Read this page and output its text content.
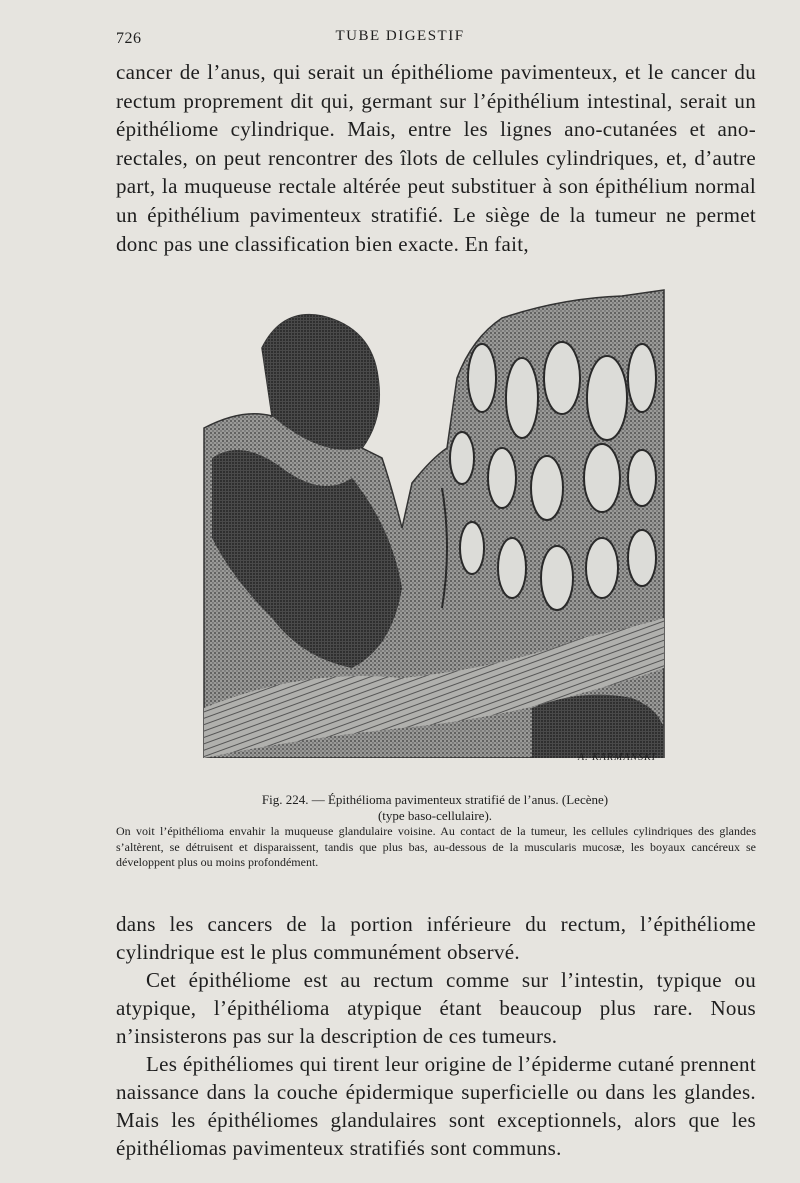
726	TUBE DIGESTIF

cancer de l’anus, qui serait un épithéliome pavimenteux, et le cancer du rectum proprement dit qui, germant sur l’épithélium intestinal, serait un épithéliome cylindrique. Mais, entre les lignes ano-cutanées et ano-rectales, on peut rencontrer des îlots de cellules cylindriques, et, d’autre part, la muqueuse rectale altérée peut substituer à son épithélium normal un épithélium pavimenteux stratifié. Le siège de la tumeur ne permet donc pas une classification bien exacte. En fait,

A. KARMANSKI
Fig. 224. — Épithélioma pavimenteux stratifié de l’anus. (Lecène)
(type baso-cellulaire).

On voit l’épithélioma envahir la muqueuse glandulaire voisine. Au contact de la tumeur, les cellules cylindriques des glandes s’altèrent, se détruisent et disparaissent, tandis que plus bas, au-dessous de la muscularis mucosæ, les boyaux cancéreux se développent plus ou moins profondément.

dans les cancers de la portion inférieure du rectum, l’épithéliome cylindrique est le plus communément observé.
Cet épithéliome est au rectum comme sur l’intestin, typique ou atypique, l’épithélioma atypique étant beaucoup plus rare. Nous n’insisterons pas sur la description de ces tumeurs.
Les épithéliomes qui tirent leur origine de l’épiderme cutané prennent naissance dans la couche épidermique superficielle ou dans les glandes. Mais les épithéliomes glandulaires sont exceptionnels, alors que les épithéliomas pavimenteux stratifiés sont communs.
